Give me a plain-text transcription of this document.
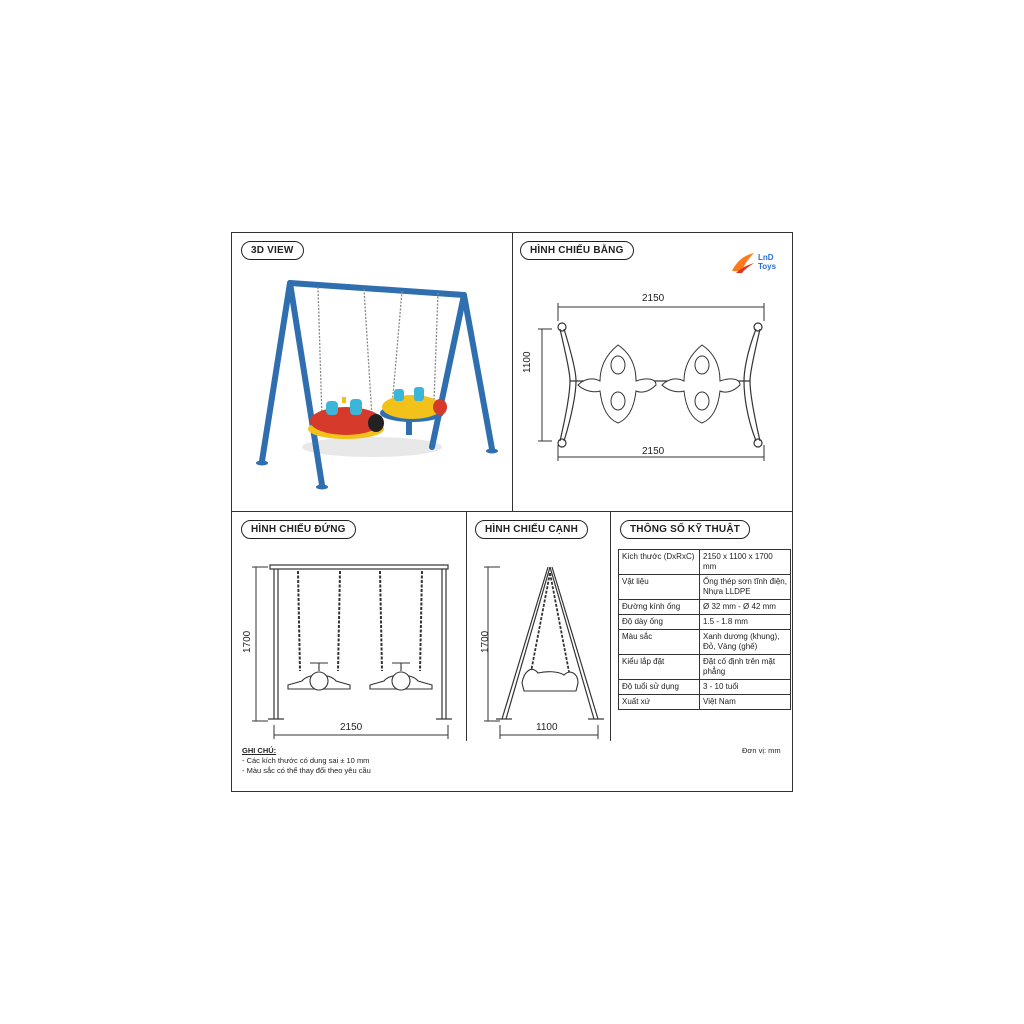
3D VIEW	HÌNH CHIẾU BẰNG
HÌNH CHIẾU ĐỨNG	HÌNH CHIẾU CẠNH	THÔNG SỐ KỸ THUẬT
LnD
Toys
2150
2150
1100
1700
2150
1700
1100
Kích thước (DxRxC)	2150 x 1100 x 1700 mm
Vật liệu	Ống thép sơn tĩnh điện, Nhựa LLDPE
Đường kính ống	Ø 32 mm - Ø 42 mm
Độ dày ống	1.5 - 1.8 mm
Màu sắc	Xanh dương (khung), Đỏ, Vàng (ghế)
Kiểu lắp đặt	Đặt cố định trên mặt phẳng
Độ tuổi sử dụng	3 - 10 tuổi
Xuất xứ	Việt Nam
GHI CHÚ:
- Các kích thước có dung sai ± 10 mm
- Màu sắc có thể thay đổi theo yêu cầu
Đơn vị: mm
